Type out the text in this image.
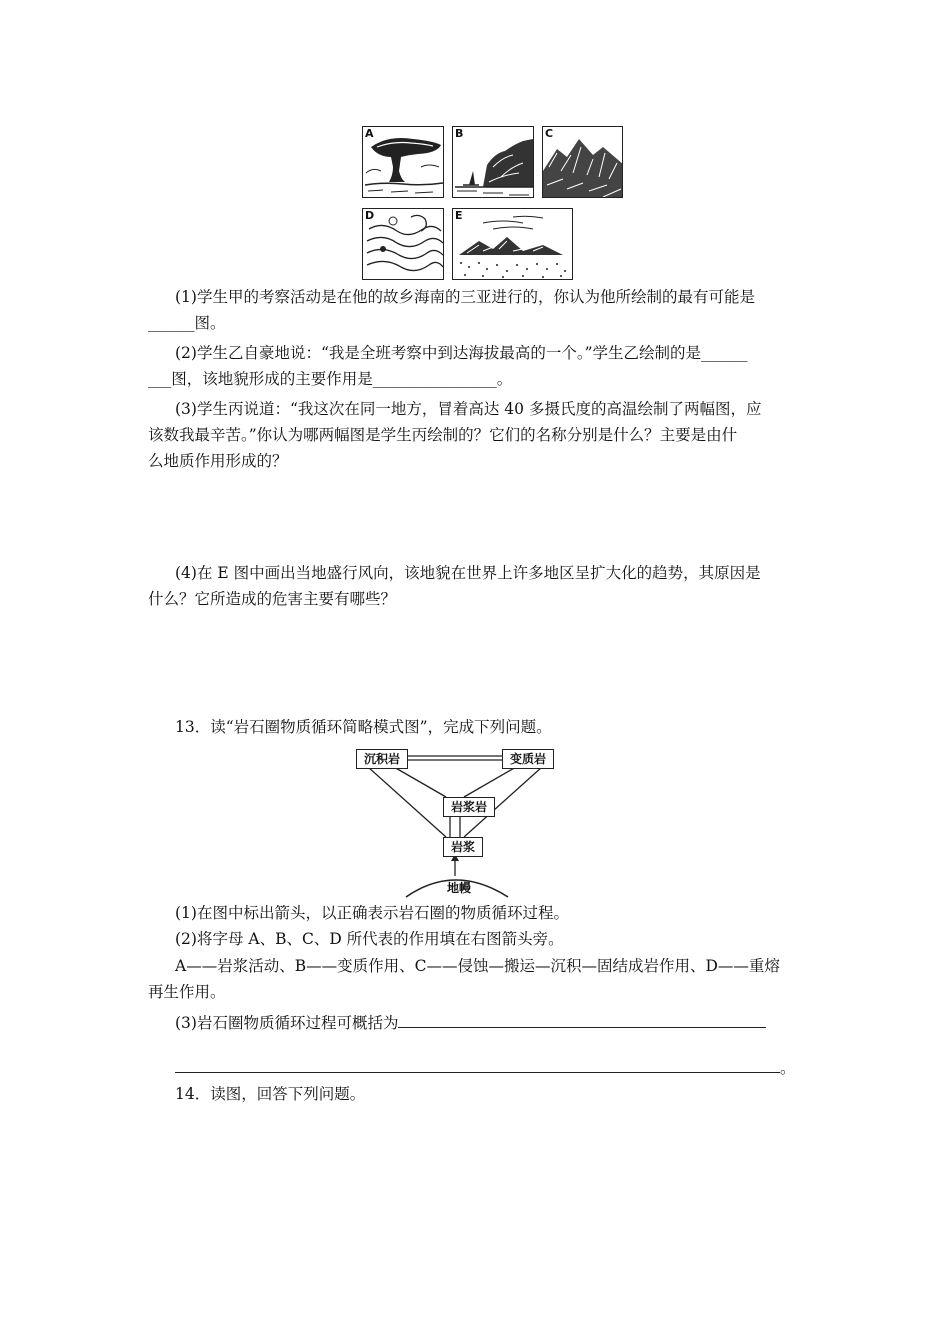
A	B	C
D	E
(1)学生甲的考察活动是在他的故乡海南的三亚进行的，你认为他所绘制的最有可能是
______图。
(2)学生乙自豪地说：“我是全班考察中到达海拔最高的一个。”学生乙绘制的是______
___图，该地貌形成的主要作用是________________。
(3)学生丙说道：“我这次在同一地方，冒着高达 40 多摄氏度的高温绘制了两幅图，应
该数我最辛苦。”你认为哪两幅图是学生丙绘制的？它们的名称分别是什么？主要是由什
么地质作用形成的？
(4)在 E 图中画出当地盛行风向，该地貌在世界上许多地区呈扩大化的趋势，其原因是
什么？它所造成的危害主要有哪些？
13．读“岩石圈物质循环简略模式图”，完成下列问题。
沉积岩	变质岩
岩浆岩
岩浆
地幔
(1)在图中标出箭头，以正确表示岩石圈的物质循环过程。
(2)将字母 A、B、C、D 所代表的作用填在右图箭头旁。
A——岩浆活动、B——变质作用、C——侵蚀—搬运—沉积—固结成岩作用、D——重熔
再生作用。
(3)岩石圈物质循环过程可概括为
。
14．读图，回答下列问题。
